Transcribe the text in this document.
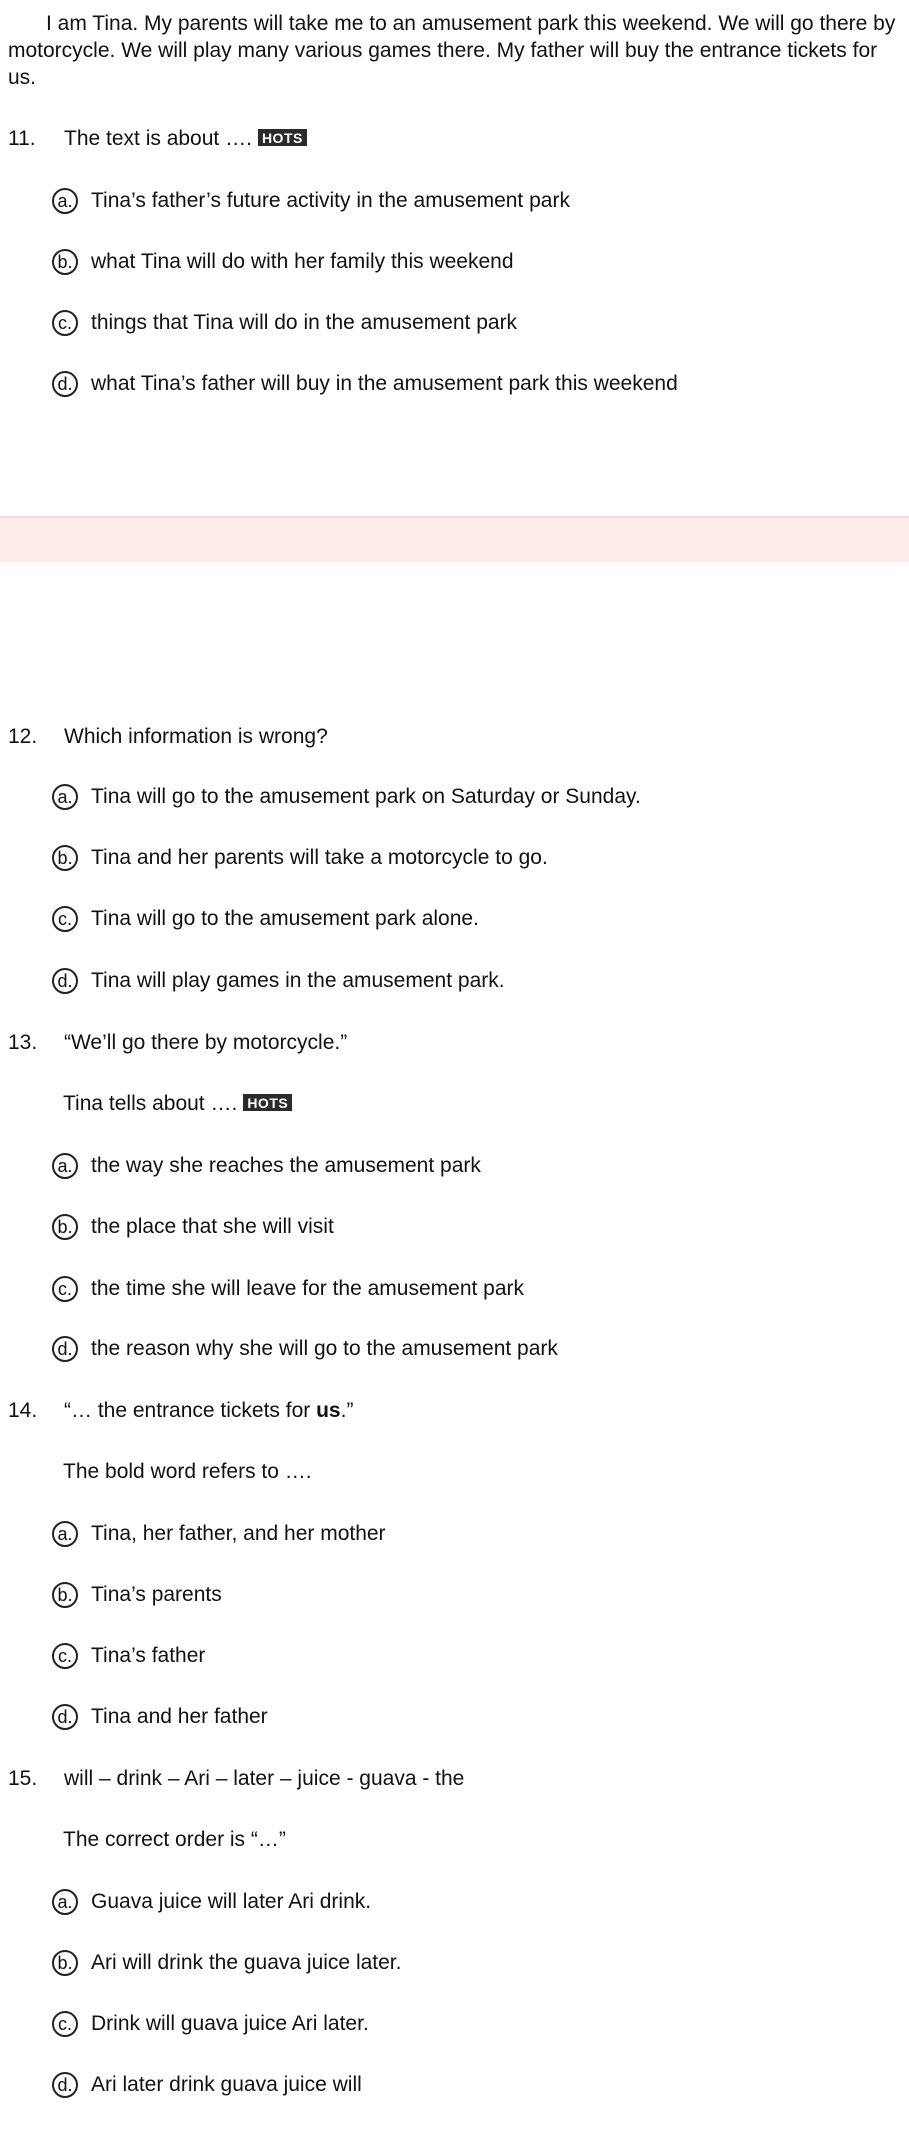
I am Tina. My parents will take me to an amusement park this weekend. We will go there by motorcycle. We will play many various games there. My father will buy the entrance tickets for us.

11. The text is about …. HOTS
a. Tina’s father’s future activity in the amusement park
b. what Tina will do with her family this weekend
c. things that Tina will do in the amusement park
d. what Tina’s father will buy in the amusement park this weekend
12. Which information is wrong?
a. Tina will go to the amusement park on Saturday or Sunday.
b. Tina and her parents will take a motorcycle to go.
c. Tina will go to the amusement park alone.
d. Tina will play games in the amusement park.
13. “We’ll go there by motorcycle.”
Tina tells about …. HOTS
a. the way she reaches the amusement park
b. the place that she will visit
c. the time she will leave for the amusement park
d. the reason why she will go to the amusement park
14. “… the entrance tickets for us.”
The bold word refers to ….
a. Tina, her father, and her mother
b. Tina’s parents
c. Tina’s father
d. Tina and her father
15. will – drink – Ari – later – juice - guava - the
The correct order is “…”
a. Guava juice will later Ari drink.
b. Ari will drink the guava juice later.
c. Drink will guava juice Ari later.
d. Ari later drink guava juice will
